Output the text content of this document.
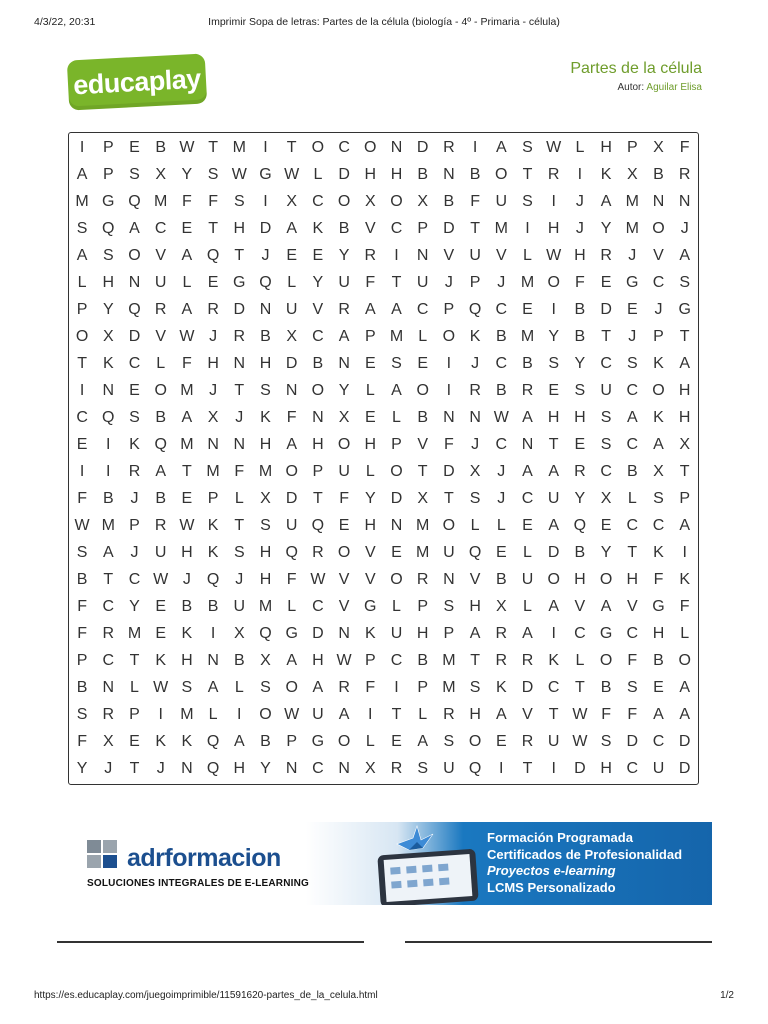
4/3/22, 20:31	Imprimir Sopa de letras: Partes de la célula (biología - 4º - Primaria - célula)
educaplay	Partes de la célula
Autor: Aguilar Elisa
I	P E B W T M	I	T O C O N D R	I	A S W L H P X F
A P S X Y S W G W L D H H B N B O T R	I	K X B R
M G Q M F	F S	I	X C O X O X B F U S	I	J	A M N N
S Q A C E T H D A K B V C P D T M	I	H	J	Y M O J
A S O V A Q T	J	E E Y R	I	N V U V	L W H R	J	V A
L H N U L	E G Q L	Y U F	T U	J	P	J M O F E G C S
P Y Q R A R D N U V R A A C P Q C E	I	B D E	J G
O X D V W J	R B X C A P M L O K B M Y B T	J	P T
T K C L	F H N H D B N E S E	I	J	C B S Y C S K A
I	N E O M J	T S N O Y	L	A O	I	R B R E S U C O H
C Q S B A X	J	K F N X E	L	B N N W A H H S A K H
E	I	K Q M N N H A H O H P V F	J	C N T E S C A X
I	I	R A T M F M O P U L O T D X	J	A A R C B X T
F B	J	B E P	L	X D T	F Y D X T S	J	C U Y X	L	S P
W M P R W K T S U Q E H N M O L	L	E A Q E C C A
S A	J	U H K S H Q R O V E M U Q E	L D B Y T K	I
B T C W J Q J	H F W V V O R N V B U O H O H F K
F C Y E B B U M L C V G L	P S H X	L	A V A V G F
F R M E K	I	X Q G D N K U H P A R A	I	C G C H L
P C T K H N B X A H W P C B M T R R K	L O F B O
B N L W S A	L	S O A R F	I	P M S K D C T B S E A
S R P	I	M L	I	O W U A	I	T	L R H A V T W F	F A A
F X E K K Q A B P G O L	E A S O E R U W S D C D
Y	J	T	J	N Q H Y N C N X R S U Q	I	T	I	D H C U D
adrformacion
SOLUCIONES INTEGRALES DE E-LEARNING
Formación Programada
Certificados de Profesionalidad
Proyectos e-learning
LCMS Personalizado
https://es.educaplay.com/juegoimprimible/11591620-partes_de_la_celula.html	1/2
